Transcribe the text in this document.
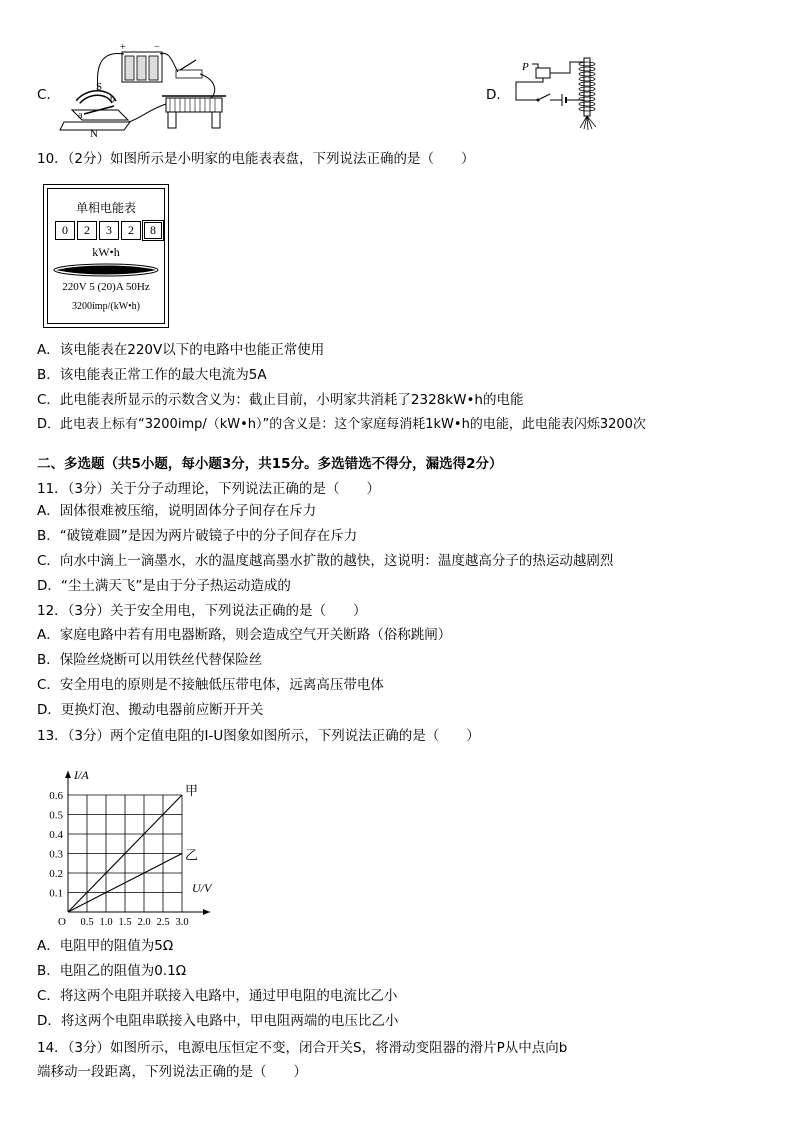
C.
+	−
S
b
a
N
D.
P
10．（2分）如图所示是小明家的电能表表盘，下列说法正确的是（　　）
单相电能表
0	2	3	2	8
kW•h
220V 5 (20)A 50Hz
3200imp/(kW•h)
A．该电能表在220V以下的电路中也能正常使用
B．该电能表正常工作的最大电流为5A
C．此电能表所显示的示数含义为：截止目前，小明家共消耗了2328kW•h的电能
D．此电表上标有“3200imp/（kW•h）”的含义是：这个家庭每消耗1kW•h的电能，此电能表闪烁3200次
二、多选题（共5小题，每小题3分，共15分。多选错选不得分，漏选得2分）
11．（3分）关于分子动理论，下列说法正确的是（　　）
A．固体很难被压缩，说明固体分子间存在斥力
B．“破镜难圆”是因为两片破镜子中的分子间存在斥力
C．向水中滴上一滴墨水，水的温度越高墨水扩散的越快，这说明：温度越高分子的热运动越剧烈
D．“尘土满天飞”是由于分子热运动造成的
12．（3分）关于安全用电，下列说法正确的是（　　）
A．家庭电路中若有用电器断路，则会造成空气开关断路（俗称跳闸）
B．保险丝烧断可以用铁丝代替保险丝
C．安全用电的原则是不接触低压带电体，远离高压带电体
D．更换灯泡、搬动电器前应断开开关
13．（3分）两个定值电阻的I-U图象如图所示，下列说法正确的是（　　）
0.5 1.0 1.5 2.0 2.5 3.0
0.1
0.2
0.3
0.4
0.5
0.6
O
I/A
U/V
甲
乙
A．电阻甲的阻值为5Ω
B．电阻乙的阻值为0.1Ω
C．将这两个电阻并联接入电路中，通过甲电阻的电流比乙小
D．将这两个电阻串联接入电路中，甲电阻两端的电压比乙小
14．（3分）如图所示，电源电压恒定不变，闭合开关S，将滑动变阻器的滑片P从中点向b
端移动一段距离，下列说法正确的是（　　）
